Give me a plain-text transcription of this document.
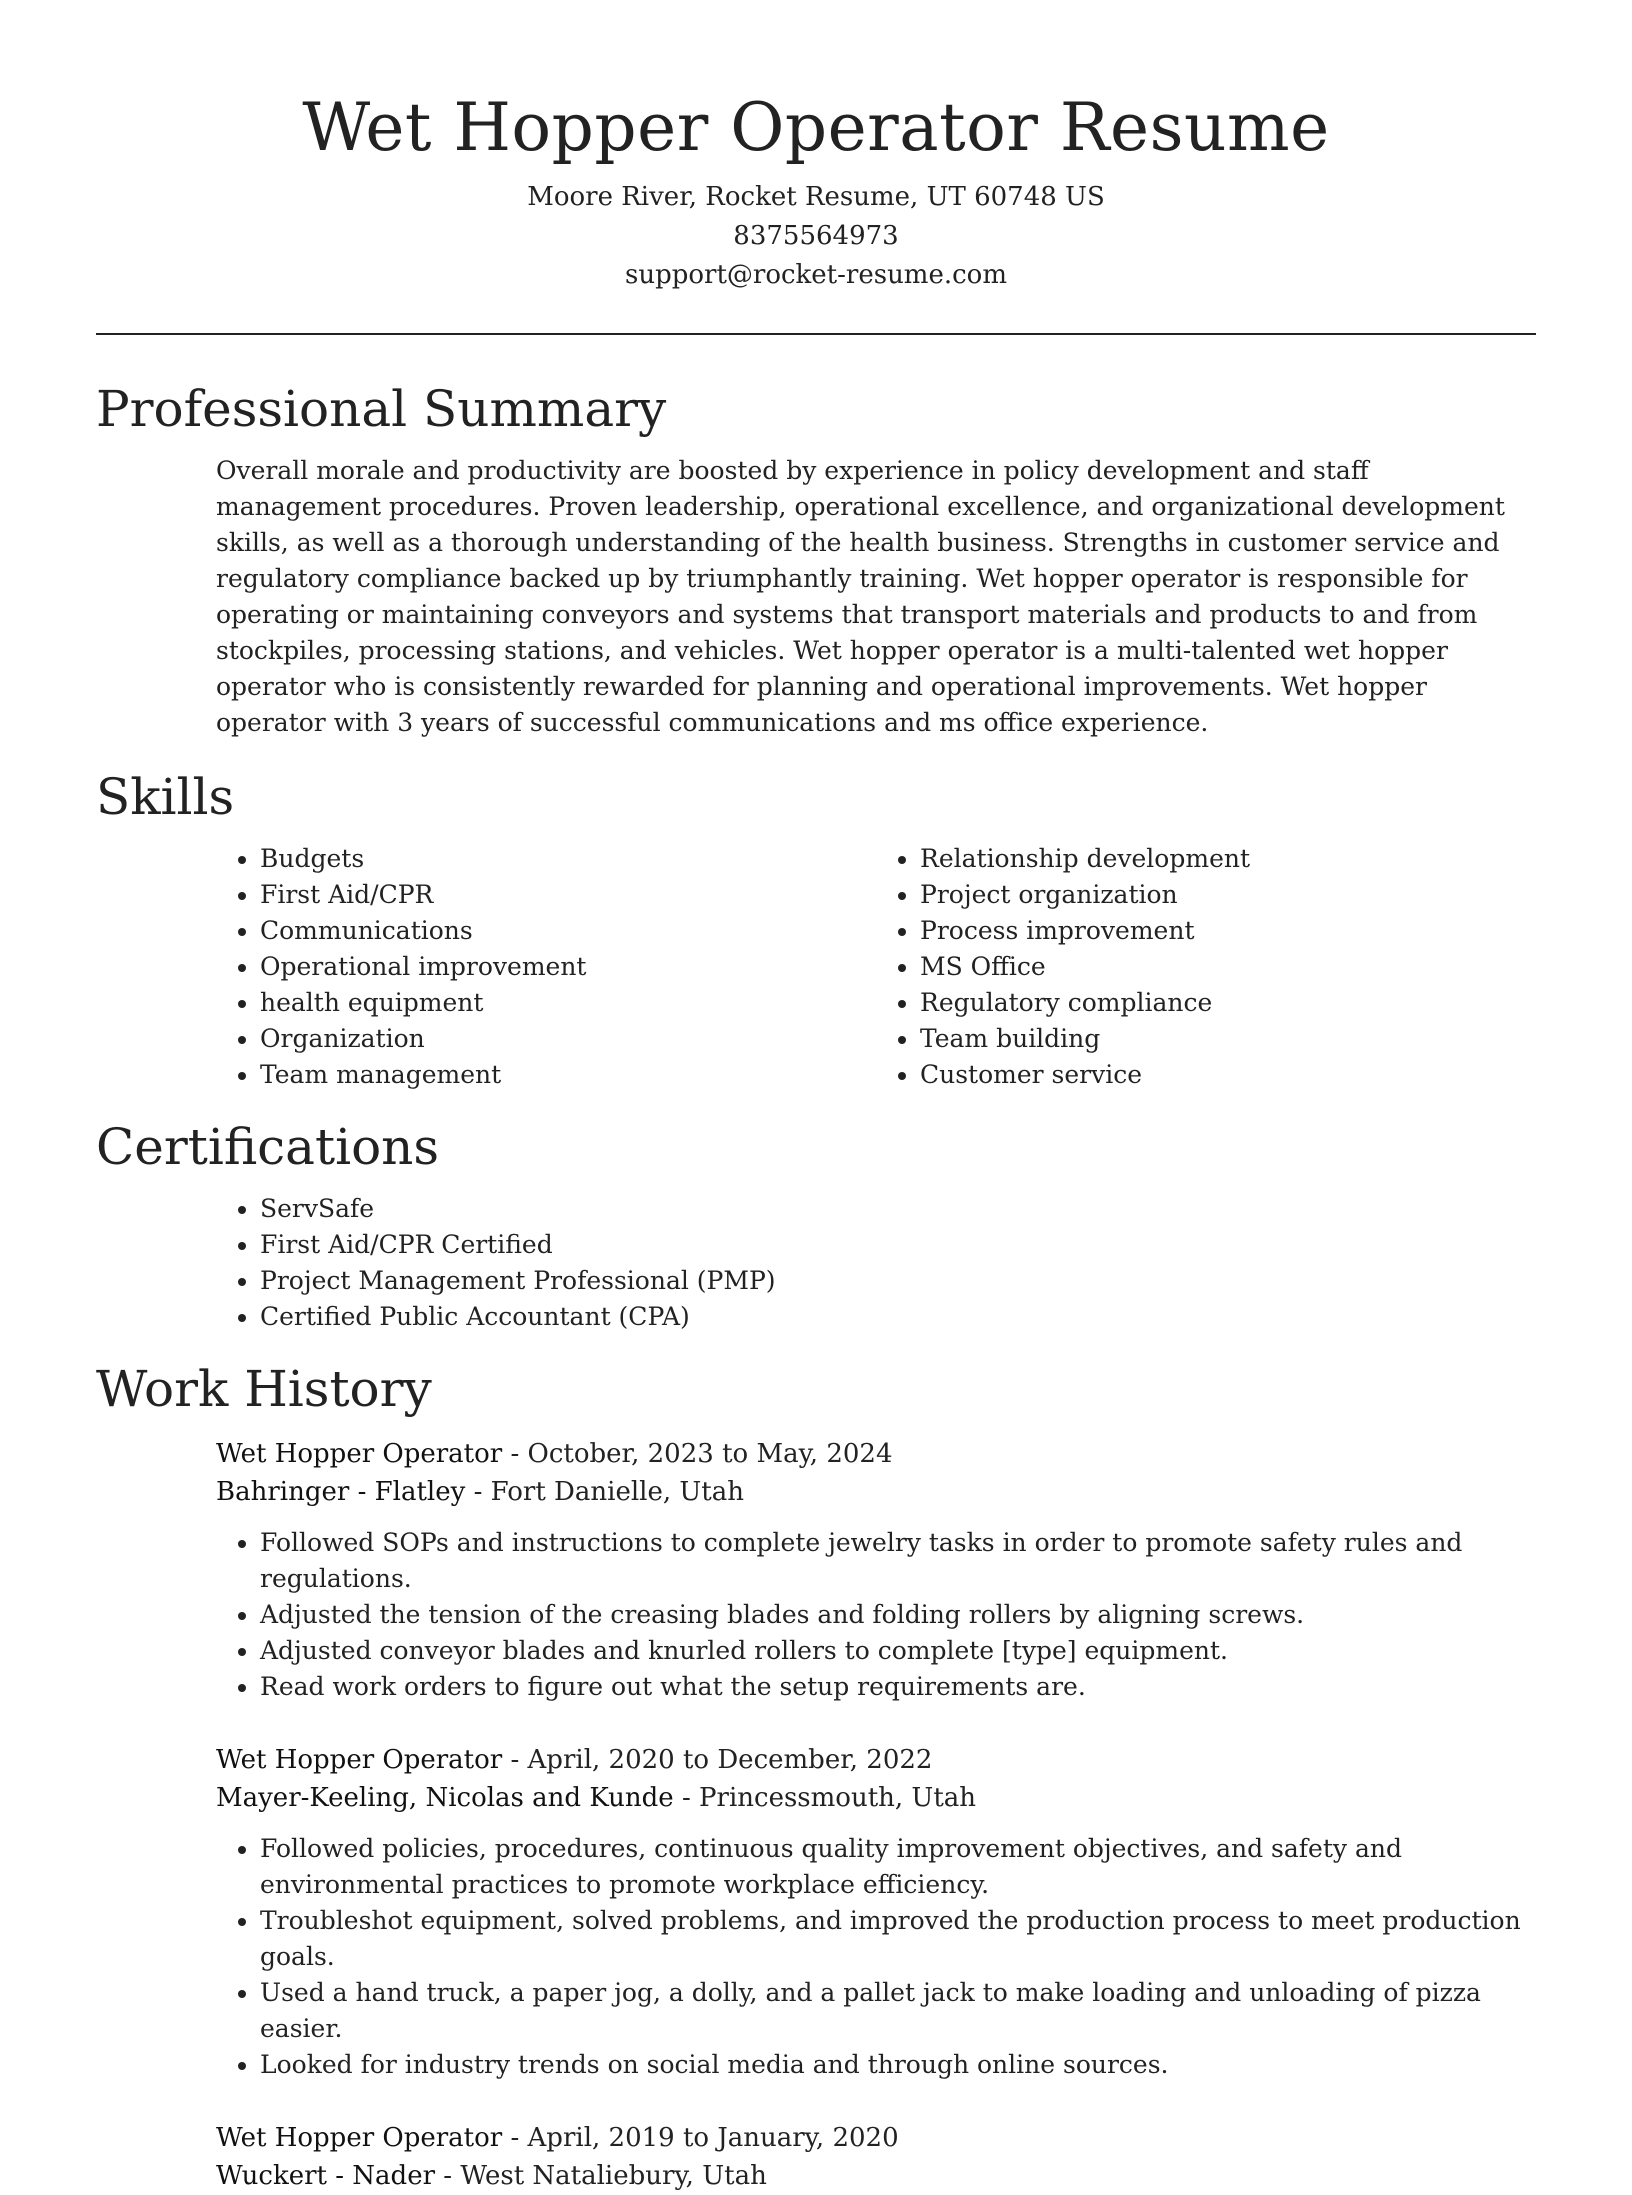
Wet Hopper Operator Resume
Moore River, Rocket Resume, UT 60748 US
8375564973
support@rocket-resume.com
Professional Summary
Overall morale and productivity are boosted by experience in policy development and staff management procedures. Proven leadership, operational excellence, and organizational development skills, as well as a thorough understanding of the health business. Strengths in customer service and regulatory compliance backed up by triumphantly training. Wet hopper operator is responsible for operating or maintaining conveyors and systems that transport materials and products to and from stockpiles, processing stations, and vehicles. Wet hopper operator is a multi-talented wet hopper operator who is consistently rewarded for planning and operational improvements. Wet hopper operator with 3 years of successful communications and ms office experience.
Skills
• Budgets
• First Aid/CPR
• Communications
• Operational improvement
• health equipment
• Organization
• Team management
• Relationship development
• Project organization
• Process improvement
• MS Office
• Regulatory compliance
• Team building
• Customer service
Certifications
• ServSafe
• First Aid/CPR Certified
• Project Management Professional (PMP)
• Certified Public Accountant (CPA)
Work History
Wet Hopper Operator - October, 2023 to May, 2024
Bahringer - Flatley - Fort Danielle, Utah
• Followed SOPs and instructions to complete jewelry tasks in order to promote safety rules and regulations.
• Adjusted the tension of the creasing blades and folding rollers by aligning screws.
• Adjusted conveyor blades and knurled rollers to complete [type] equipment.
• Read work orders to figure out what the setup requirements are.
Wet Hopper Operator - April, 2020 to December, 2022
Mayer-Keeling, Nicolas and Kunde - Princessmouth, Utah
• Followed policies, procedures, continuous quality improvement objectives, and safety and environmental practices to promote workplace efficiency.
• Troubleshot equipment, solved problems, and improved the production process to meet production goals.
• Used a hand truck, a paper jog, a dolly, and a pallet jack to make loading and unloading of pizza easier.
• Looked for industry trends on social media and through online sources.
Wet Hopper Operator - April, 2019 to January, 2020
Wuckert - Nader - West Nataliebury, Utah
